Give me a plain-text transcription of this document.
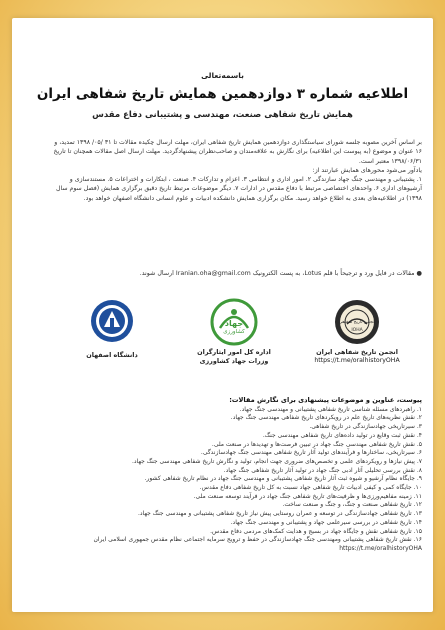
باسمه‌تعالی
اطلاعیه شماره ۳ دوازدهمین همایش تاریخ شفاهی ایران
همایش تاریخ شفاهی صنعت، مهندسی و پشتیبانی دفاع مقدس

بر اساس آخرین مصوبه جلسه شورای سیاستگذاری دوازدهمین همایش تاریخ شفاهی ایران، مهلت ارسال چکیده مقالات تا ۳۱ /۰۵/ ۱۳۹۸ تمدید، و ۱۶ عنوان و موضوع (به پیوست این اطلاعیه) برای نگارش به علاقه‌مندان و صاحب‌نظران پیشنهادگردید. مهلت ارسال اصل مقالات همچنان تا تاریخ ۱۳۹۸/۰۶/۳۱ معتبر است.

یادآور می‌شود محورهای همایش عبارتند از:

۱. پشتیبانی و مهندسی جنگ جهاد سازندگی ۲. امور اداری و انتظامی ۳. اعزام و تدارکات ۴. صنعت ، ابتکارات و اختراعات ۵. مستندسازی و آرشیوهای اداری ۶. واحدهای اختصاصی مرتبط با دفاع مقدس در ادارات ۷. دیگر موضوعات مرتبط تاریخ دقیق برگزاری همایش (فصل سوم سال ۱۳۹۸) در اطلاعیه‌های بعدی به اطلاع خواهد رسید. مکان برگزاری همایش دانشکده ادبیات و علوم انسانی دانشگاه اصفهان خواهد بود.

● مقالات در فایل ورد و ترجیحاً با قلم Lotus، به پست الکترونیک Iranian.oha@gmail.com ارسال شوند.
دانشگاه اصفهان
جهاد
کشاورزی
اداره کل امور ایثارگران
وزرات جهاد کشاورزی
انجمن تاریخ شفاهی
IOHA
انجمن تاریخ شفاهی ایران
https://t.me/oralhistoryOHA
پیوست، عناوین و موضوعات پیشنهادی برای نگارش مقالات:
۱. راهبردهای مسئله شناسی تاریخ شفاهی پشتیبانی و مهندسی جنگ جهاد.
۲. نقش نظریه‌های تاریخ علم در رویکردهای تاریخ شفاهی مهندسی جنگ جهاد.
۳. سیرتاریخی جهادسازندگی در تاریخ شفاهی.
۴. نقش ثبت وقایع در تولید داده‌های تاریخ شفاهی مهندسی جنگ.
۵. نقش تاریخ شفاهی مهندسی جنگ جهاد در تبیین فرصت‌ها و تهدیدها در صنعت ملی.
۶. سیرتاریخی، ساختارها و فرآیندهای تولید آثار تاریخ شفاهی مهندسی جنگ جهادسازندگی.
۷. پیش نیازها و رویکردهای علمی و تخصص‌های ضروری جهت انجام، تولید و نگارش تاریخ شفاهی مهندسی جنگ جهاد.
۸. نقش بررسی تحلیلی آثار ادبی جنگ جهاد در تولید آثار تاریخ شفاهی جنگ جهاد.
۹. جایگاه نظام آرشیو و شیوه ثبت آثار تاریخ شفاهی پشتیبانی و مهندسی جنگ جهاد در نظام تاریخ شفاهی کشور.
۱۰. جایگاه کمی و کیفی ادبیات تاریخ شفاهی جهاد نسبت به کل تاریخ شفاهی دفاع مقدس.
۱۱. زمینه مفاهیم‌ورزی‌ها و ظرفیت‌های تاریخ شفاهی جنگ جهاد در فرآیند توسعه صنعت ملی.
۱۲. تاریخ شفاهی صنعت و جنگ، و جنگ و صنعت ساخت.
۱۳. تاریخ شفاهی جهادسازندگی در توسعه و عمران روستایی پیش نیاز تاریخ شفاهی پشتیبانی و مهندسی جنگ جهاد.
۱۴. تاریخ شفاهی در بررسی سیرعلمی جهاد و پشتیبانی و مهندسی جنگ جهاد.
۱۵. تاریخ شفاهی نقش و جایگاه جهاد در بسیج و هدایت کمک‌های مردمی دفاع مقدس.
۱۶. نقش تاریخ شفاهی پشتیبانی ومهندسی جنگ جهادسازندگی در حفظ و ترویج سرمایه اجتماعی نظام مقدس جمهوری اسلامی ایران
https://t.me/oralhistoryOHA
